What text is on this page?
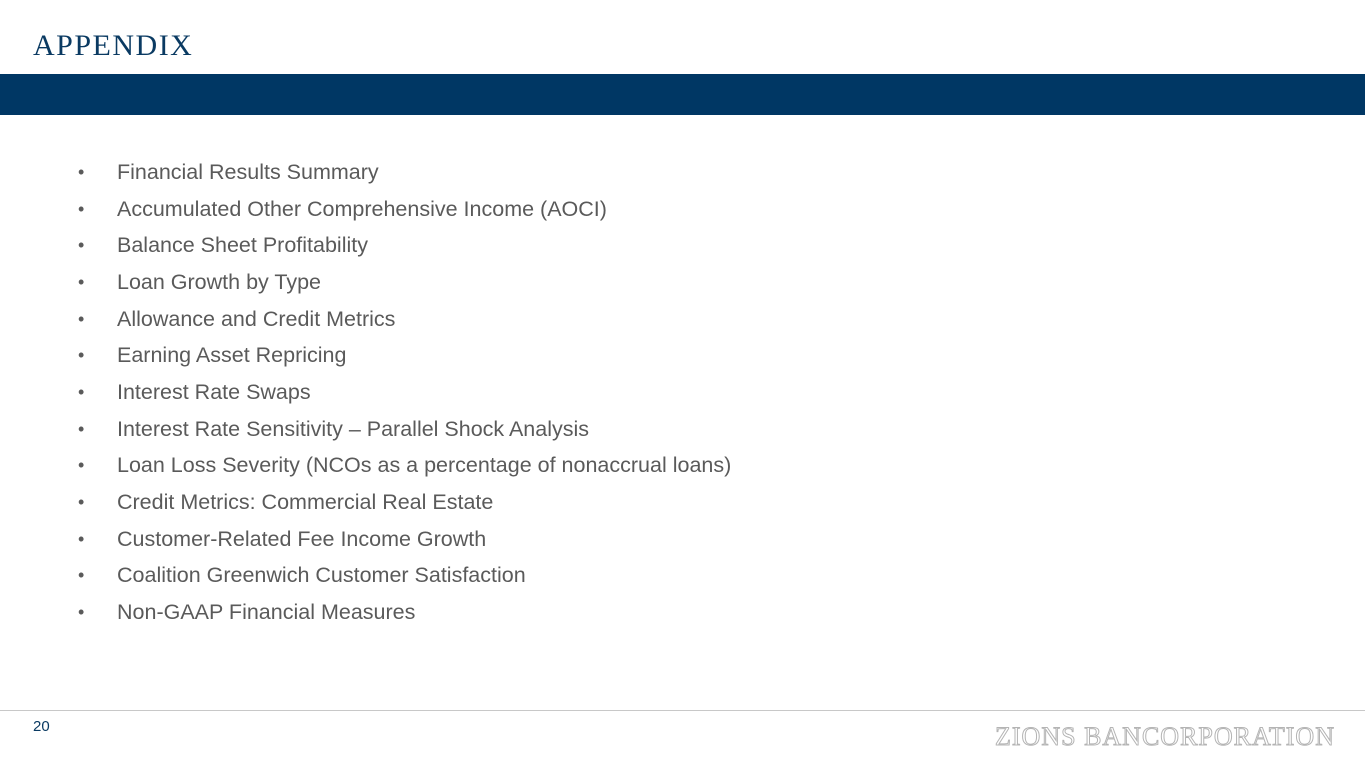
APPENDIX
•	Financial Results Summary
•	Accumulated Other Comprehensive Income (AOCI)
•	Balance Sheet Profitability
•	Loan Growth by Type
•	Allowance and Credit Metrics
•	Earning Asset Repricing
•	Interest Rate Swaps
•	Interest Rate Sensitivity – Parallel Shock Analysis
•	Loan Loss Severity (NCOs as a percentage of nonaccrual loans)
•	Credit Metrics: Commercial Real Estate
•	Customer-Related Fee Income Growth
•	Coalition Greenwich Customer Satisfaction
•	Non-GAAP Financial Measures
20	ZIONS BANCORPORATION
